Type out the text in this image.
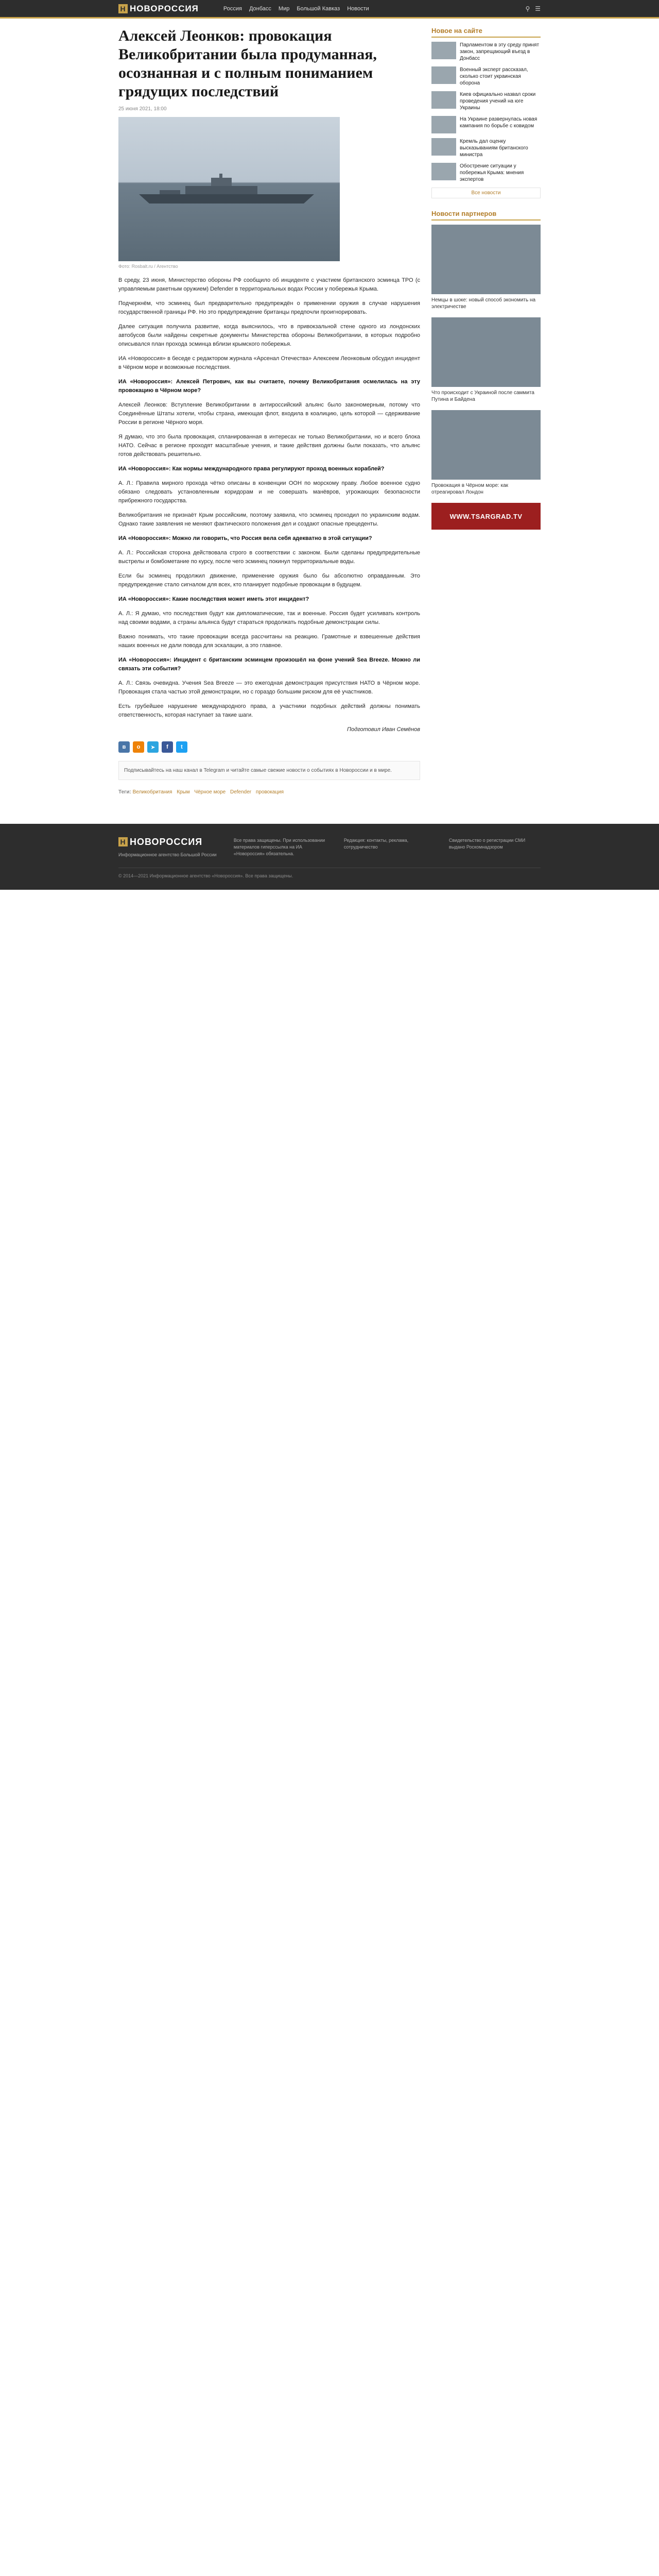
Н НОВОРОССИЯ	Россия Донбасс Мир Большой Кавказ Новости	⚲ ☰
Алексей Леонков: провокация Великобритании была продуманная, осознанная и с полным пониманием грядущих последствий
25 июня 2021, 18:00
Фото: Rosbalt.ru / Агентство

В среду, 23 июня, Министерство обороны РФ сообщило об инциденте с участием британского эсминца ТРО (с управляемым ракетным оружием) Defender в территориальных водах России у побережья Крыма.

Подчеркнём, что эсминец был предварительно предупреждён о применении оружия в случае нарушения государственной границы РФ. Но это предупреждение британцы предпочли проигнорировать.

Далее ситуация получила развитие, когда выяснилось, что в привокзальной стене одного из лондонских автобусов были найдены секретные документы Министерства обороны Великобритании, в которых подробно описывался план прохода эсминца вблизи крымского побережья.

ИА «Новороссия» в беседе с редактором журнала «Арсенал Отечества» Алексеем Леонковым обсудил инцидент в Чёрном море и возможные последствия.

ИА «Новороссия»: Алексей Петрович, как вы считаете, почему Великобритания осмелилась на эту провокацию в Чёрном море?

Алексей Леонков: Вступление Великобритании в антироссийский альянс было закономерным, потому что Соединённые Штаты хотели, чтобы страна, имеющая флот, входила в коалицию, цель которой — сдерживание России в регионе Чёрного моря.

Я думаю, что это была провокация, спланированная в интересах не только Великобритании, но и всего блока НАТО. Сейчас в регионе проходят масштабные учения, и такие действия должны были показать, что альянс готов действовать решительно.

ИА «Новороссия»: Как нормы международного права регулируют проход военных кораблей?

А. Л.: Правила мирного прохода чётко описаны в конвенции ООН по морскому праву. Любое военное судно обязано следовать установленным коридорам и не совершать манёвров, угрожающих безопасности прибрежного государства.

Великобритания не признаёт Крым российским, поэтому заявила, что эсминец проходил по украинским водам. Однако такие заявления не меняют фактического положения дел и создают опасные прецеденты.

ИА «Новороссия»: Можно ли говорить, что Россия вела себя адекватно в этой ситуации?

А. Л.: Российская сторона действовала строго в соответствии с законом. Были сделаны предупредительные выстрелы и бомбометание по курсу, после чего эсминец покинул территориальные воды.

Если бы эсминец продолжил движение, применение оружия было бы абсолютно оправданным. Это предупреждение стало сигналом для всех, кто планирует подобные провокации в будущем.

ИА «Новороссия»: Какие последствия может иметь этот инцидент?

А. Л.: Я думаю, что последствия будут как дипломатические, так и военные. Россия будет усиливать контроль над своими водами, а страны альянса будут стараться продолжать подобные демонстрации силы.

Важно понимать, что такие провокации всегда рассчитаны на реакцию. Грамотные и взвешенные действия наших военных не дали повода для эскалации, а это главное.

ИА «Новороссия»: Инцидент с британским эсминцем произошёл на фоне учений Sea Breeze. Можно ли связать эти события?

А. Л.: Связь очевидна. Учения Sea Breeze — это ежегодная демонстрация присутствия НАТО в Чёрном море. Провокация стала частью этой демонстрации, но с гораздо большим риском для её участников.

Есть грубейшее нарушение международного права, а участники подобных действий должны понимать ответственность, которая наступает за такие шаги.

Подготовил Иван Семёнов

в	о	➤	f	t
Подписывайтесь на наш канал в Telegram и читайте самые свежие новости о событиях в Новороссии и в мире.
Теги: Великобритания Крым Чёрное море Defender провокация
Новое на сайте
Парламентом в эту среду принят закон, запрещающий въезд в Донбасс
Военный эксперт рассказал, сколько стоит украинская оборона
Киев официально назвал сроки проведения учений на юге Украины
На Украине развернулась новая кампания по борьбе с ковидом
Кремль дал оценку высказываниям британского министра
Обострение ситуации у побережья Крыма: мнения экспертов
Все новости
Новости партнеров
Немцы в шоке: новый способ экономить на электричестве
Что происходит с Украиной после саммита Путина и Байдена
Провокация в Чёрном море: как отреагировал Лондон
WWW.TSARGRAD.TV
Н НОВОРОССИЯ
Информационное агентство Большой России
Все права защищены. При использовании материалов гиперссылка на ИА «Новороссия» обязательна.
Редакция: контакты, реклама, сотрудничество
Свидетельство о регистрации СМИ выдано Роскомнадзором
© 2014—2021 Информационное агентство «Новороссия». Все права защищены.
